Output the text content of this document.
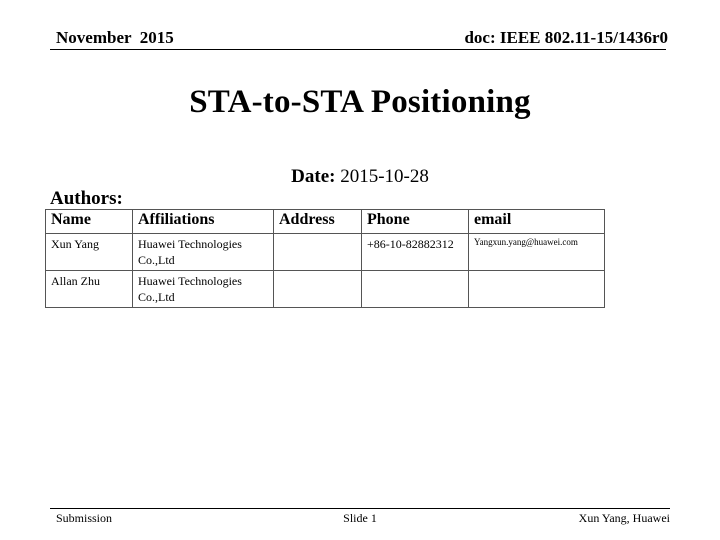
November  2015	doc: IEEE 802.11-15/1436r0
STA-to-STA Positioning
Date: 2015-10-28
Authors:
Name	Affiliations	Address	Phone	email
Xun Yang	Huawei Technologies Co.,Ltd		+86-10-82882312	Yangxun.yang@huawei.com
Allan Zhu	Huawei Technologies Co.,Ltd			
Submission	Slide 1	Xun Yang, Huawei
